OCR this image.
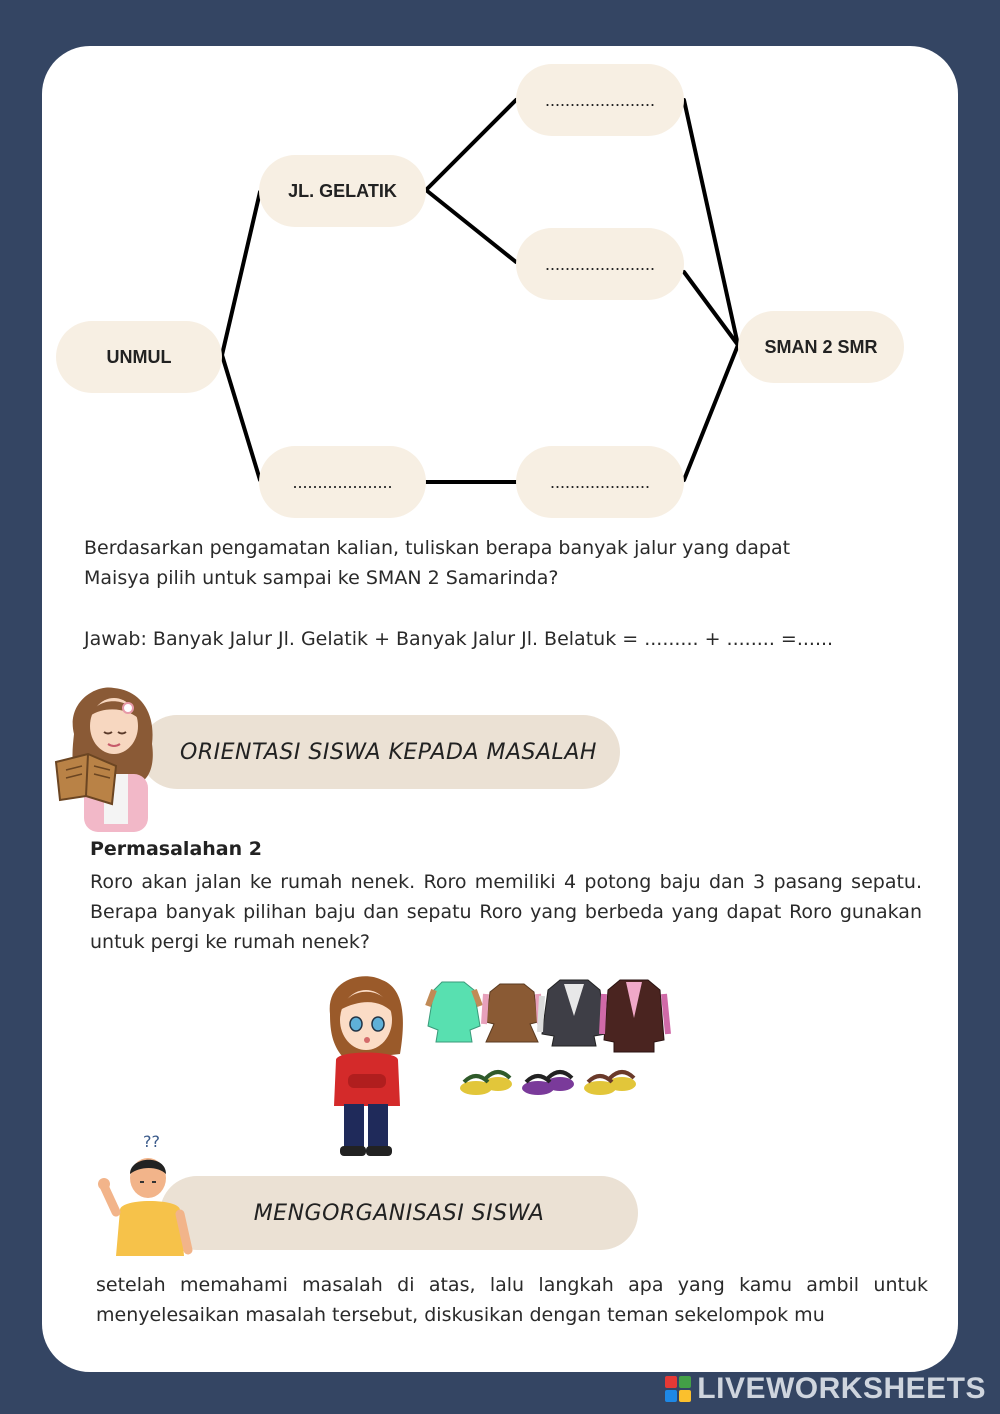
UNMUL
JL. GELATIK
......................
......................
....................	....................
SMAN 2 SMR
Berdasarkan pengamatan kalian, tuliskan berapa banyak jalur yang dapat
Maisya pilih untuk sampai ke SMAN 2 Samarinda?
Jawab: Banyak Jalur Jl. Gelatik + Banyak Jalur Jl. Belatuk = ......... + ........ =......
ORIENTASI SISWA KEPADA MASALAH
Permasalahan 2
Roro akan jalan ke rumah nenek. Roro memiliki 4 potong baju dan 3 pasang sepatu. Berapa banyak pilihan baju dan sepatu Roro yang berbeda yang dapat Roro gunakan untuk pergi ke rumah nenek?
MENGORGANISASI SISWA
??
setelah memahami masalah di atas, lalu langkah apa yang kamu ambil untuk menyelesaikan masalah tersebut, diskusikan dengan teman sekelompok mu
LIVEWORKSHEETS
